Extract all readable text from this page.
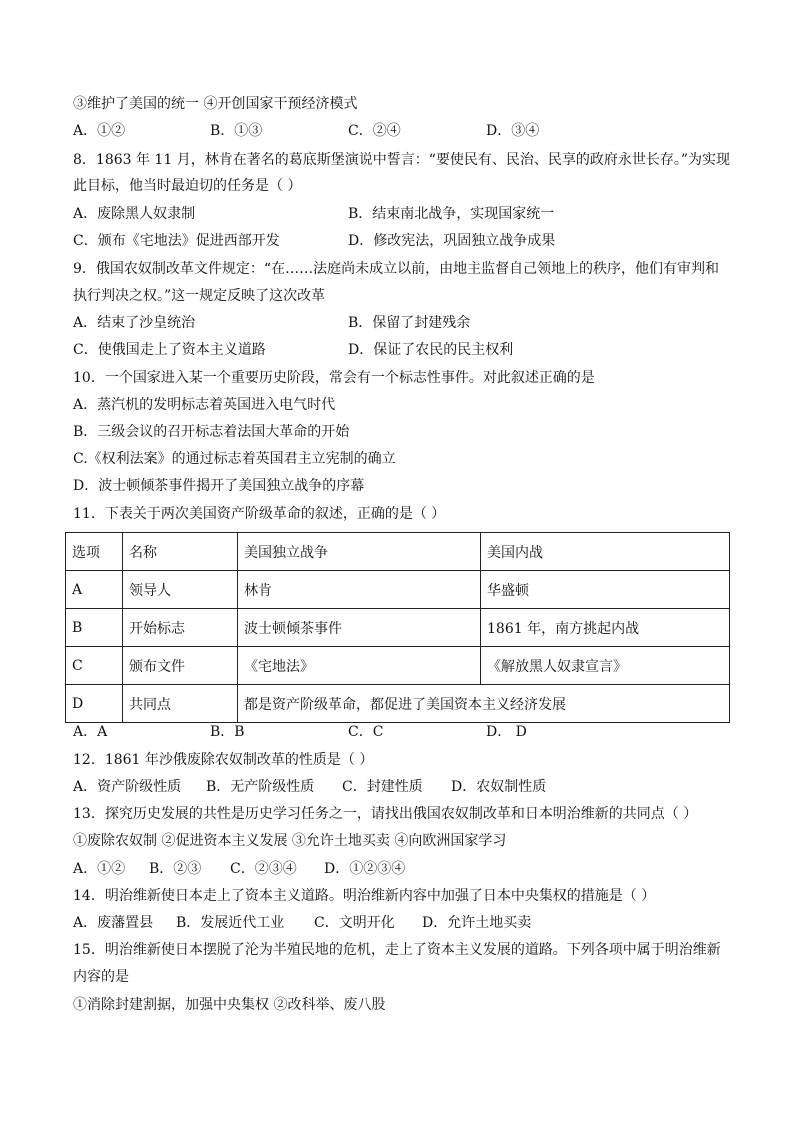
③维护了美国的统一 ④开创国家干预经济模式
A．①②	B．①③	C．②④	D．③④
8．1863 年 11 月，林肯在著名的葛底斯堡演说中誓言：“要使民有、民治、民享的政府永世长存。”为实现
此目标，他当时最迫切的任务是（ ）
A．废除黑人奴隶制	B．结束南北战争，实现国家统一
C．颁布《宅地法》促进西部开发	D．修改宪法，巩固独立战争成果
9．俄国农奴制改革文件规定：“在……法庭尚未成立以前，由地主监督自己领地上的秩序，他们有审判和
执行判决之权。”这一规定反映了这次改革
A．结束了沙皇统治	B．保留了封建残余
C．使俄国走上了资本主义道路	D．保证了农民的民主权利
10．一个国家进入某一个重要历史阶段，常会有一个标志性事件。对此叙述正确的是
A．蒸汽机的发明标志着英国进入电气时代
B．三级会议的召开标志着法国大革命的开始
C.《权利法案》的通过标志着英国君主立宪制的确立
D．波士顿倾茶事件揭开了美国独立战争的序幕
11．下表关于两次美国资产阶级革命的叙述，正确的是（ ）
选项	名称	美国独立战争	美国内战
A	领导人	林肯	华盛顿
B	开始标志	波士顿倾茶事件	1861 年，南方挑起内战
C	颁布文件	《宅地法》	《解放黑人奴隶宣言》
D	共同点	都是资产阶级革命，都促进了美国资本主义经济发展	
A．A	B．B	C．C	D． D
12．1861 年沙俄废除农奴制改革的性质是（ ）
A．资产阶级性质 B．无产阶级性质 C．封建性质 D．农奴制性质
13．探究历史发展的共性是历史学习任务之一，请找出俄国农奴制改革和日本明治维新的共同点（ ）
①废除农奴制 ②促进资本主义发展 ③允许土地买卖 ④向欧洲国家学习
A．①② B．②③ C．②③④ D．①②③④
14．明治维新使日本走上了资本主义道路。明治维新内容中加强了日本中央集权的措施是（ ）
A．废藩置县 B．发展近代工业 C．文明开化 D．允许土地买卖
15．明治维新使日本摆脱了沦为半殖民地的危机，走上了资本主义发展的道路。下列各项中属于明治维新
内容的是
①消除封建割据，加强中央集权 ②改科举、废八股
